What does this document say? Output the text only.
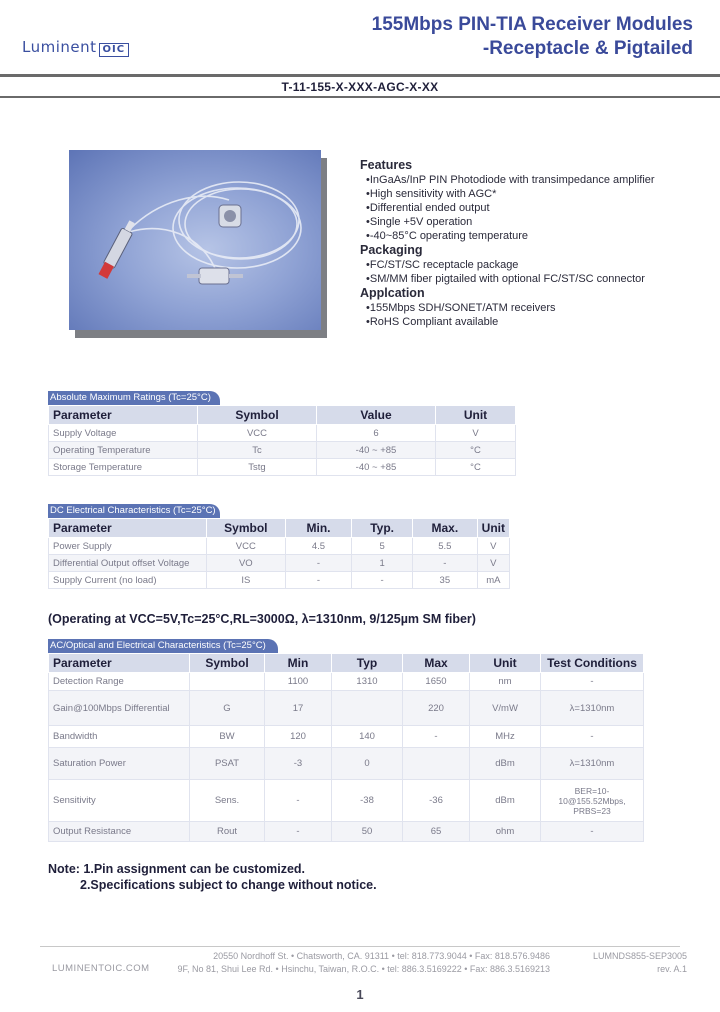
Luminent OIC
155Mbps PIN-TIA Receiver Modules
-Receptacle & Pigtailed
T-11-155-X-XXX-AGC-X-XX
Features
• InGaAs/InP PIN Photodiode with transimpedance amplifier
• High sensitivity with AGC*
• Differential ended output
• Single +5V operation
• -40~85°C operating temperature
Packaging
• FC/ST/SC receptacle package
• SM/MM fiber pigtailed with optional FC/ST/SC connector
Applcation
• 155Mbps SDH/SONET/ATM receivers
• RoHS Compliant available
Absolute Maximum Ratings (Tc=25°C)
Parameter	Symbol	Value	Unit
Supply Voltage	VCC	6	V
Operating Temperature	Tc	-40 ~ +85	°C
Storage Temperature	Tstg	-40 ~ +85	°C
DC Electrical Characteristics (Tc=25°C)
Parameter	Symbol	Min.	Typ.	Max.	Unit
Power Supply	VCC	4.5	5	5.5	V
Differential Output offset Voltage	VO	-	1	-	V
Supply Current (no load)	IS	-	-	35	mA
(Operating at VCC=5V,Tc=25°C,RL=3000Ω, λ=1310nm, 9/125µm SM fiber)
AC/Optical and Electrical Characteristics (Tc=25°C)
Parameter	Symbol	Min	Typ	Max	Unit	Test Conditions
Detection Range		1100	1310	1650	nm	-
Gain@100Mbps Differential	G	17		220	V/mW	λ=1310nm
Bandwidth	BW	120	140	-	MHz	-
Saturation Power	PSAT	-3	0		dBm	λ=1310nm
Sensitivity	Sens.	-	-38	-36	dBm	BER=10-10@155.52Mbps, PRBS=23
Output Resistance	Rout	-	50	65	ohm	-
Note: 1.Pin assignment can be customized.
2.Specifications subject to change without notice.
LUMINENTOIC.COM
20550 Nordhoff St. • Chatsworth, CA. 91311 • tel: 818.773.9044 • Fax: 818.576.9486
9F, No 81, Shui Lee Rd. • Hsinchu, Taiwan, R.O.C. • tel: 886.3.5169222 • Fax: 886.3.5169213
LUMNDS855-SEP3005
rev. A.1
1
